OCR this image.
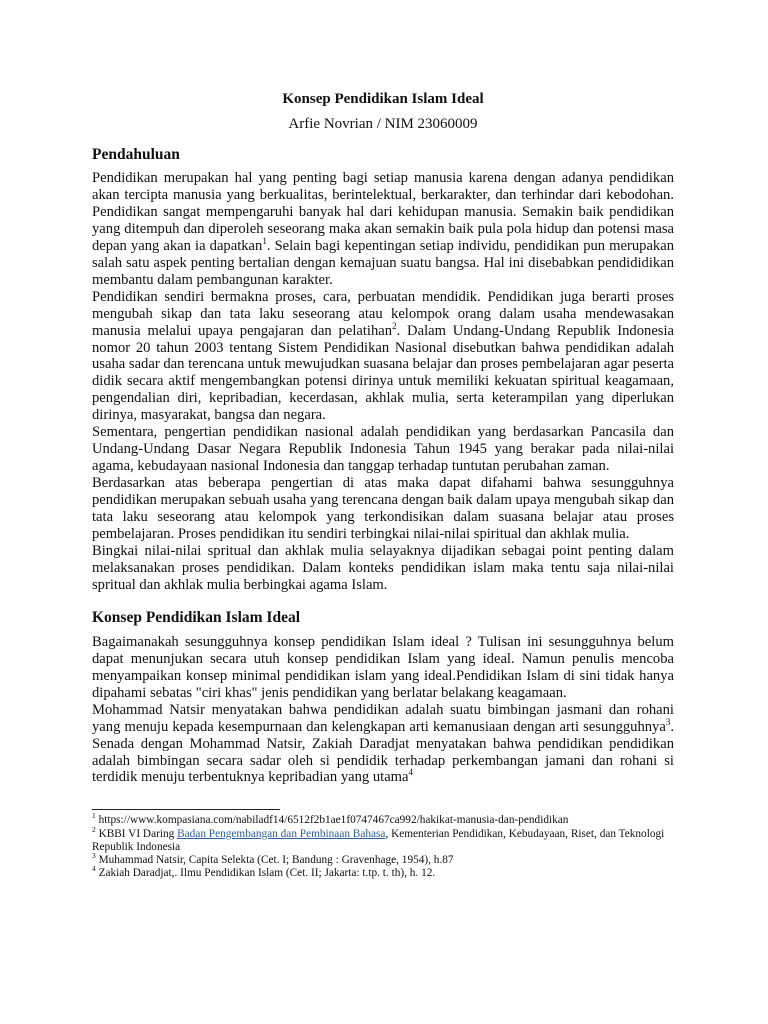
Konsep Pendidikan Islam Ideal
Arfie Novrian / NIM 23060009
Pendahuluan

Pendidikan merupakan hal yang penting bagi setiap manusia karena dengan adanya pendidikan akan tercipta manusia yang berkualitas, berintelektual, berkarakter, dan terhindar dari kebodohan. Pendidikan sangat mempengaruhi banyak hal dari kehidupan manusia. Semakin baik pendidikan yang ditempuh dan diperoleh seseorang maka akan semakin baik pula pola hidup dan potensi masa depan yang akan ia dapatkan$^1$. Selain bagi kepentingan setiap individu, pendidikan pun merupakan salah satu aspek penting bertalian dengan kemajuan suatu bangsa. Hal ini disebabkan pendididikan membantu dalam pembangunan karakter.

Pendidikan sendiri bermakna proses, cara, perbuatan mendidik. Pendidikan juga berarti proses mengubah sikap dan tata laku seseorang atau kelompok orang dalam usaha mendewasakan manusia melalui upaya pengajaran dan pelatihan$^2$. Dalam Undang-Undang Republik Indonesia nomor 20 tahun 2003 tentang Sistem Pendidikan Nasional disebutkan bahwa pendidikan adalah usaha sadar dan terencana untuk mewujudkan suasana belajar dan proses pembelajaran agar peserta didik secara aktif mengembangkan potensi dirinya untuk memiliki kekuatan spiritual keagamaan, pengendalian diri, kepribadian, kecerdasan, akhlak mulia, serta keterampilan yang diperlukan dirinya, masyarakat, bangsa dan negara.

Sementara, pengertian pendidikan nasional adalah pendidikan yang berdasarkan Pancasila dan Undang-Undang Dasar Negara Republik Indonesia Tahun 1945 yang berakar pada nilai-nilai agama, kebudayaan nasional Indonesia dan tanggap terhadap tuntutan perubahan zaman.

Berdasarkan atas beberapa pengertian di atas maka dapat difahami bahwa sesungguhnya pendidikan merupakan sebuah usaha yang terencana dengan baik dalam upaya mengubah sikap dan tata laku seseorang atau kelompok yang terkondisikan dalam suasana belajar atau proses pembelajaran. Proses pendidikan itu sendiri terbingkai nilai-nilai spiritual dan akhlak mulia.

Bingkai nilai-nilai spritual dan akhlak mulia selayaknya dijadikan sebagai point penting dalam melaksanakan proses pendidikan. Dalam konteks pendidikan islam maka tentu saja nilai-nilai spritual dan akhlak mulia berbingkai agama Islam.

Konsep Pendidikan Islam Ideal

Bagaimanakah sesungguhnya konsep pendidikan Islam ideal ? Tulisan ini sesungguhnya belum dapat menunjukan secara utuh konsep pendidikan Islam yang ideal. Namun penulis mencoba menyampaikan konsep minimal pendidikan islam yang ideal.Pendidikan Islam di sini tidak hanya dipahami sebatas "ciri khas" jenis pendidikan yang berlatar belakang keagamaan.

Mohammad Natsir menyatakan bahwa pendidikan adalah suatu bimbingan jasmani dan rohani yang menuju kepada kesempurnaan dan kelengkapan arti kemanusiaan dengan arti sesungguhnya$^3$. Senada dengan Mohammad Natsir, Zakiah Daradjat menyatakan bahwa pendidikan pendidikan adalah bimbingan secara sadar oleh si pendidik terhadap perkembangan jamani dan rohani si terdidik menuju terbentuknya kepribadian yang utama$^4$

$^1$ https://www.kompasiana.com/nabiladf14/6512f2b1ae1f0747467ca992/hakikat-manusia-dan-pendidikan

$^2$ KBBI VI Daring Badan Pengembangan dan Pembinaan Bahasa, Kementerian Pendidikan, Kebudayaan, Riset, dan Teknologi Republik Indonesia

$^3$ Muhammad Natsir, Capita Selekta (Cet. I; Bandung : Gravenhage, 1954), h.87

$^4$ Zakiah Daradjat,. Ilmu Pendidikan Islam (Cet. II; Jakarta: t.tp. t. th), h. 12.
